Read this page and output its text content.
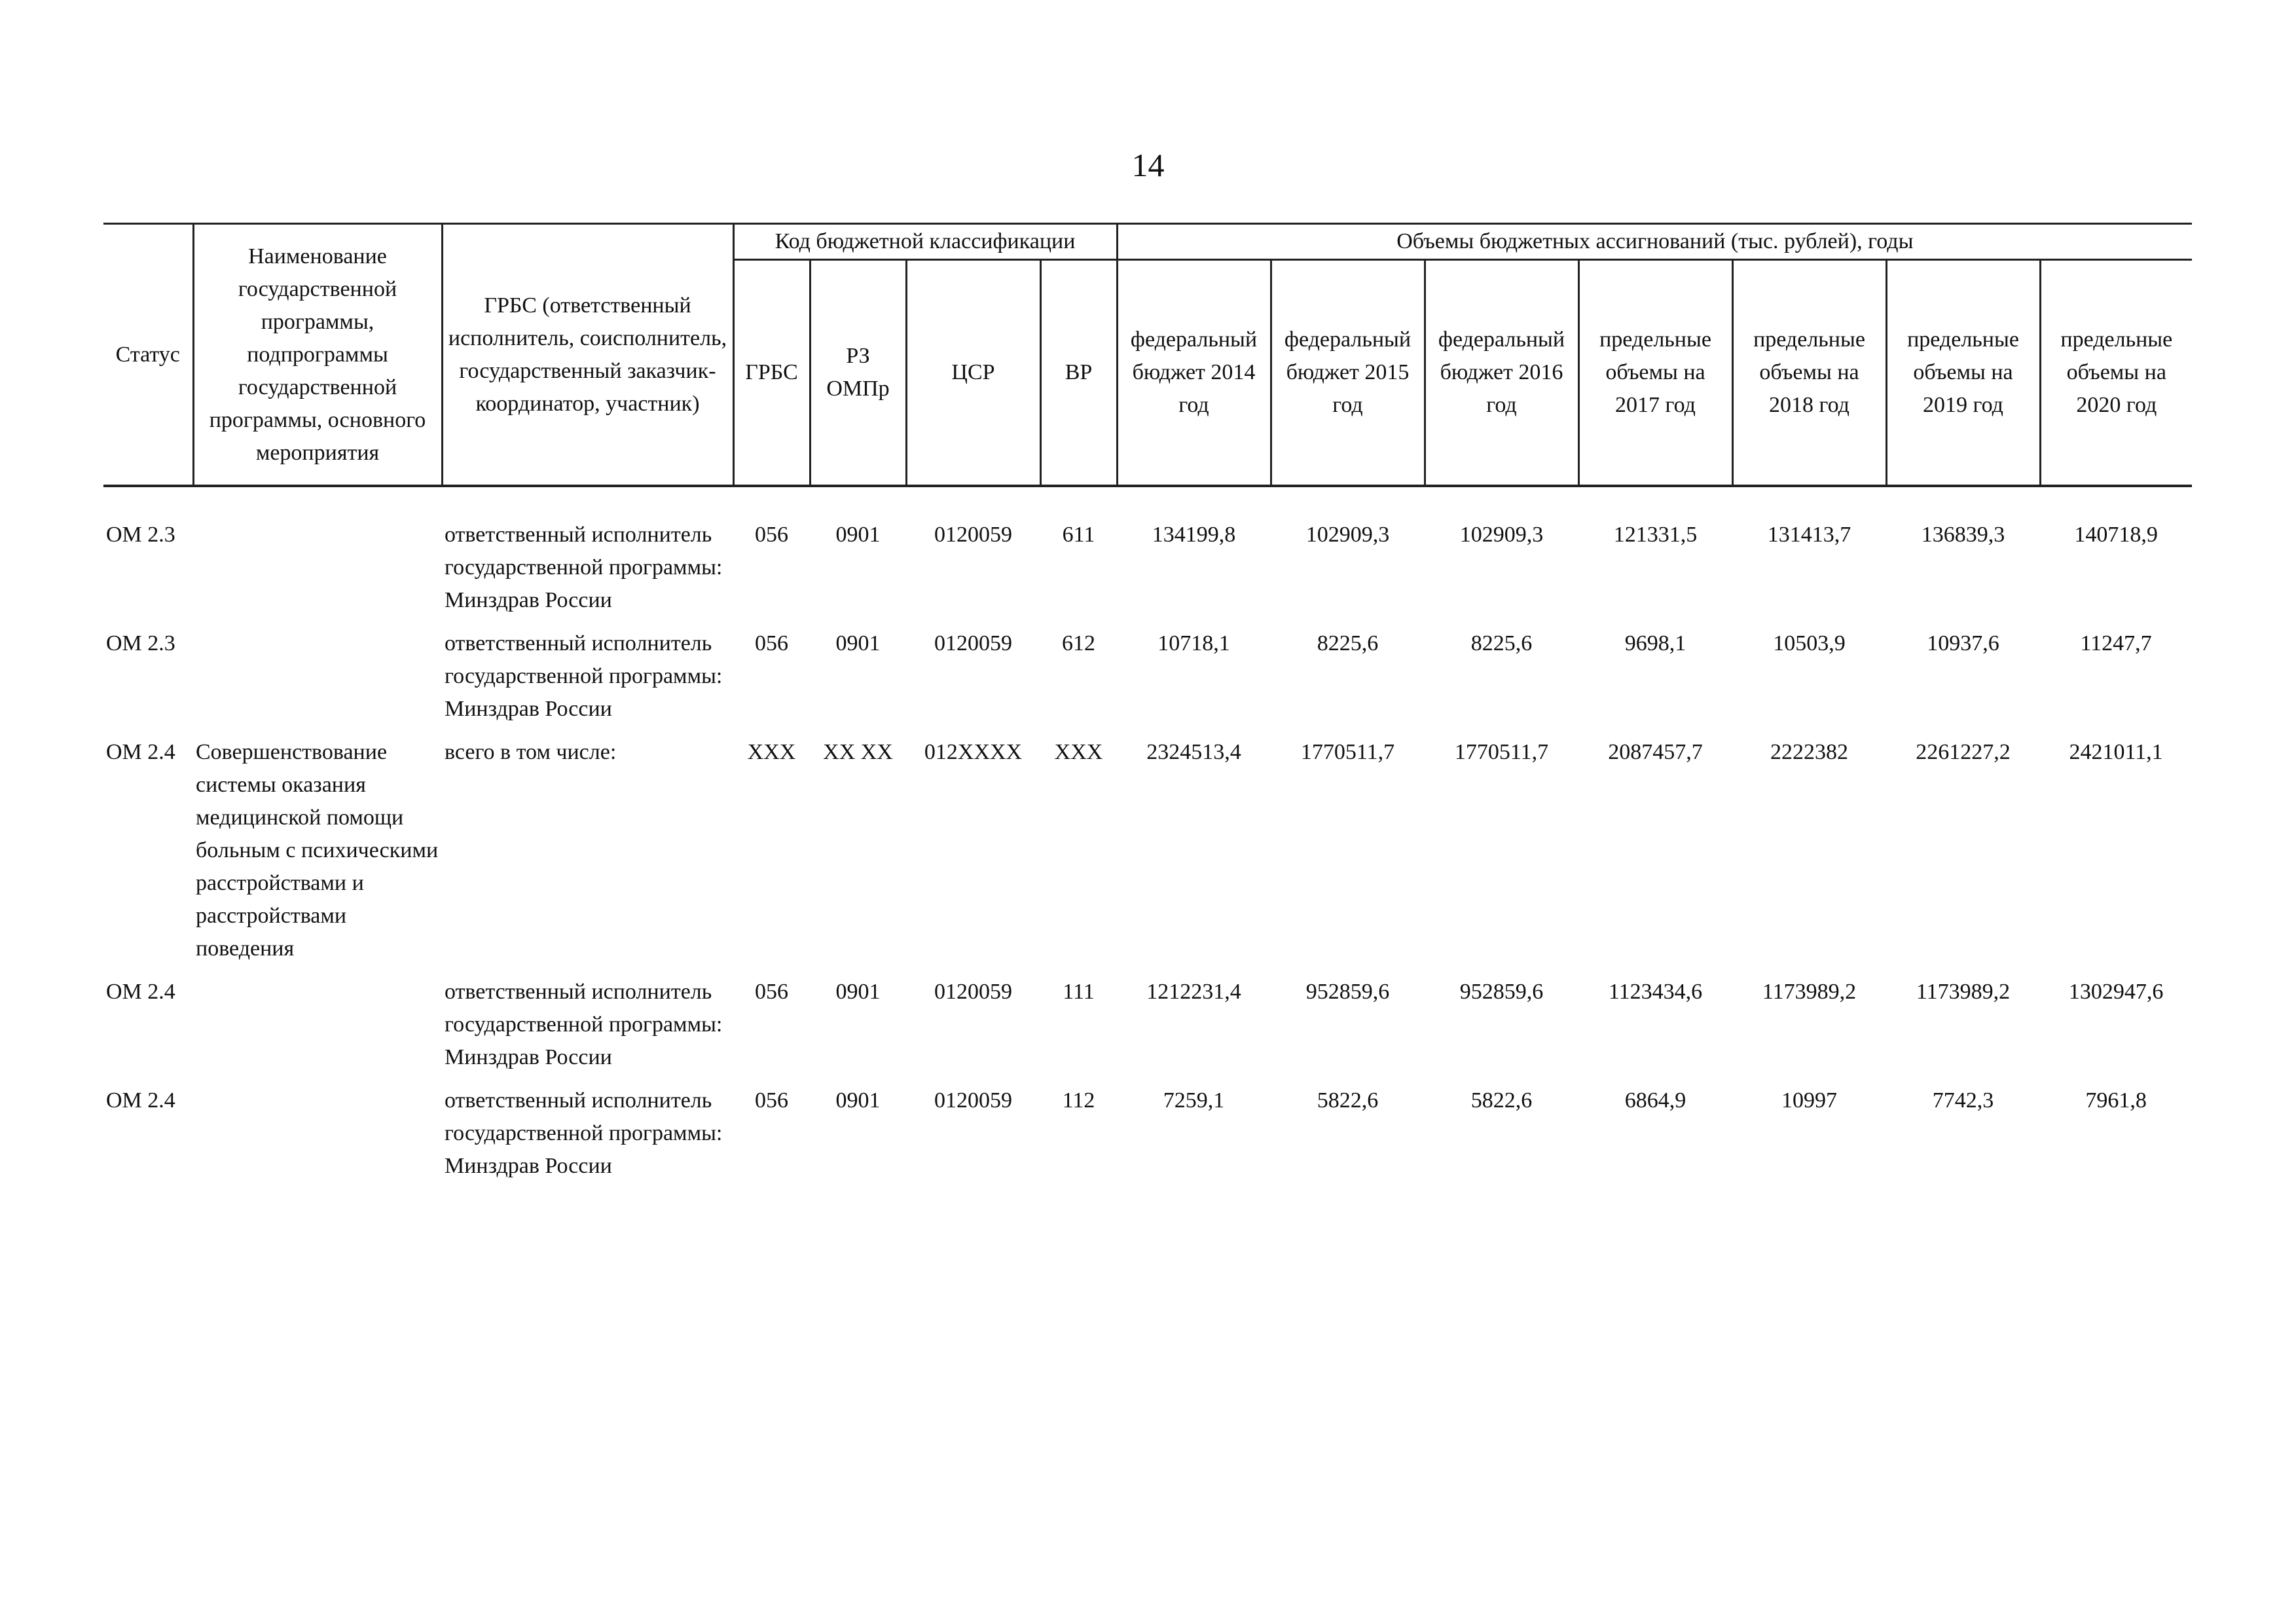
14
Статус	Наименование государственной программы, подпрограммы государственной программы, основного мероприятия	ГРБС (ответственный исполнитель, соисполнитель, государственный заказчик-координатор, участник)	Код бюджетной классификации				Объемы бюджетных ассигнований (тыс. рублей), годы						
			ГРБС	РЗ ОМПр	ЦСР	ВР	федеральный бюджет 2014 год	федеральный бюджет 2015 год	федеральный бюджет 2016 год	предельные объемы на 2017 год	предельные объемы на 2018 год	предельные объемы на 2019 год	предельные объемы на 2020 год

ОМ 2.3		ответственный исполнитель государственной программы: Минздрав России	056	0901	0120059	611	134199,8	102909,3	102909,3	121331,5	131413,7	136839,3	140718,9
ОМ 2.3		ответственный исполнитель государственной программы: Минздрав России	056	0901	0120059	612	10718,1	8225,6	8225,6	9698,1	10503,9	10937,6	11247,7
ОМ 2.4	Совершенствование системы оказания медицинской помощи больным с психическими расстройствами и расстройствами поведения	всего в том числе:	ХХХ	ХХ ХХ	012ХХХХ	ХХХ	2324513,4	1770511,7	1770511,7	2087457,7	2222382	2261227,2	2421011,1
ОМ 2.4		ответственный исполнитель государственной программы: Минздрав России	056	0901	0120059	111	1212231,4	952859,6	952859,6	1123434,6	1173989,2	1173989,2	1302947,6
ОМ 2.4		ответственный исполнитель государственной программы: Минздрав России	056	0901	0120059	112	7259,1	5822,6	5822,6	6864,9	10997	7742,3	7961,8
